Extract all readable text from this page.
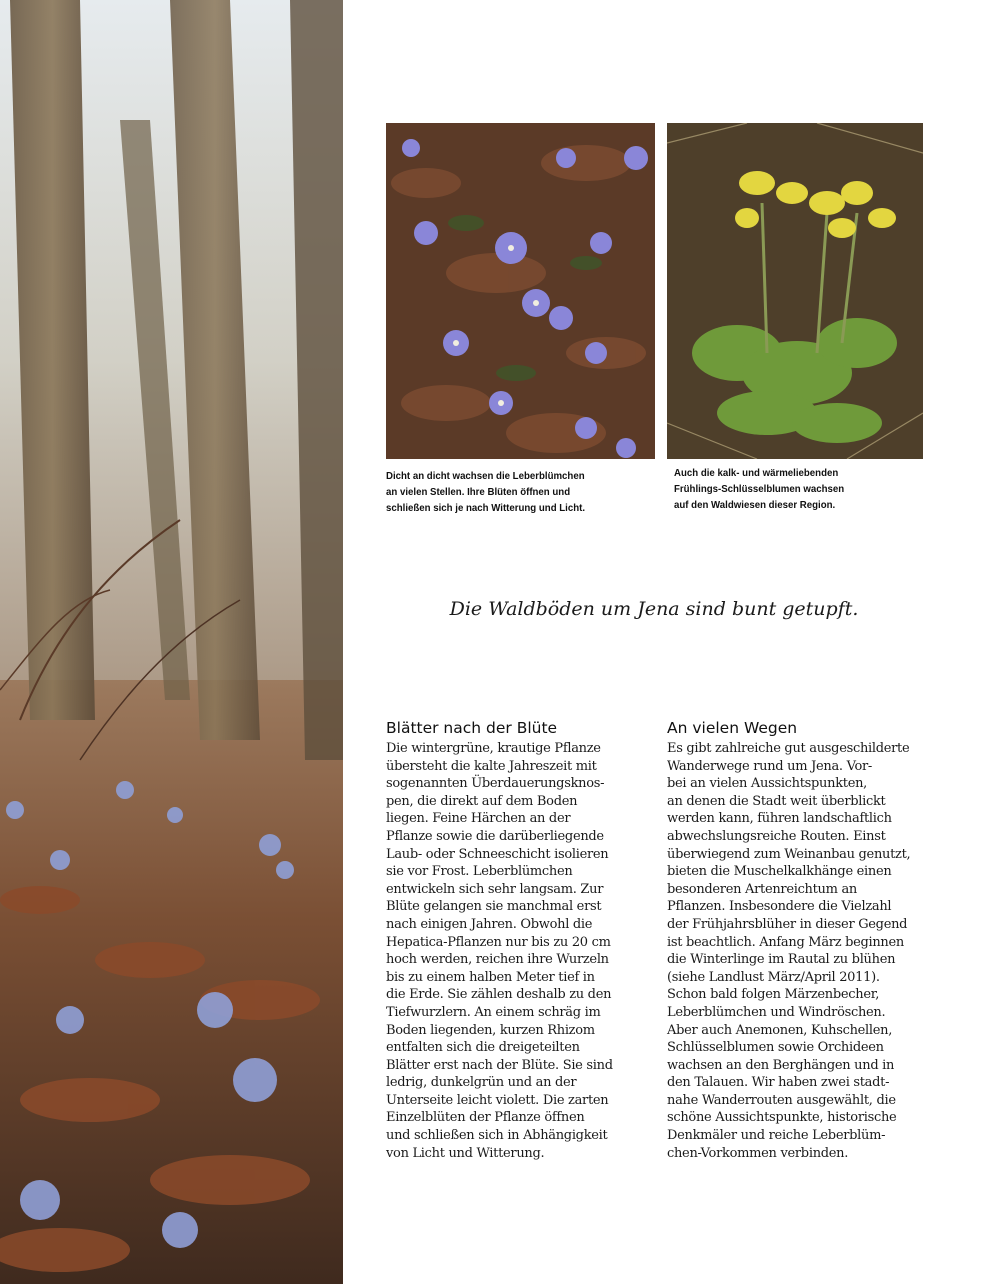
Dicht an dicht wachsen die Leberblümchen
an vielen Stellen. Ihre Blüten öffnen und
schließen sich je nach Witterung und Licht.
Auch die kalk- und wärmeliebenden
Frühlings-Schlüsselblumen wachsen
auf den Waldwiesen dieser Region.
Die Waldböden um Jena sind bunt getupft.
Blätter nach der Blüte	An vielen Wegen
Die wintergrüne, krautige Pflanze
übersteht die kalte Jahreszeit mit
sogenannten Überdauerungsknos-
pen, die direkt auf dem Boden
liegen. Feine Härchen an der
Pflanze sowie die darüberliegende
Laub- oder Schneeschicht isolieren
sie vor Frost. Leberblümchen
entwickeln sich sehr langsam. Zur
Blüte gelangen sie manchmal erst
nach einigen Jahren. Obwohl die
Hepatica-Pflanzen nur bis zu 20 cm
hoch werden, reichen ihre Wurzeln
bis zu einem halben Meter tief in
die Erde. Sie zählen deshalb zu den
Tiefwurzlern. An einem schräg im
Boden liegenden, kurzen Rhizom
entfalten sich die dreigeteilten
Blätter erst nach der Blüte. Sie sind
ledrig, dunkelgrün und an der
Unterseite leicht violett. Die zarten
Einzelblüten der Pflanze öffnen
und schließen sich in Abhängigkeit
von Licht und Witterung.
Es gibt zahlreiche gut ausgeschilderte
Wanderwege rund um Jena. Vor-
bei an vielen Aussichtspunkten,
an denen die Stadt weit überblickt
werden kann, führen landschaftlich
abwechslungsreiche Routen. Einst
überwiegend zum Weinanbau genutzt,
bieten die Muschelkalkhänge einen
besonderen Artenreichtum an
Pflanzen. Insbesondere die Vielzahl
der Frühjahrsblüher in dieser Gegend
ist beachtlich. Anfang März beginnen
die Winterlinge im Rautal zu blühen
(siehe Landlust März/April 2011).
Schon bald folgen Märzenbecher,
Leberblümchen und Windröschen.
Aber auch Anemonen, Kuhschellen,
Schlüsselblumen sowie Orchideen
wachsen an den Berghängen und in
den Talauen. Wir haben zwei stadt-
nahe Wanderrouten ausgewählt, die
schöne Aussichtspunkte, historische
Denkmäler und reiche Leberblüm-
chen-Vorkommen verbinden.
